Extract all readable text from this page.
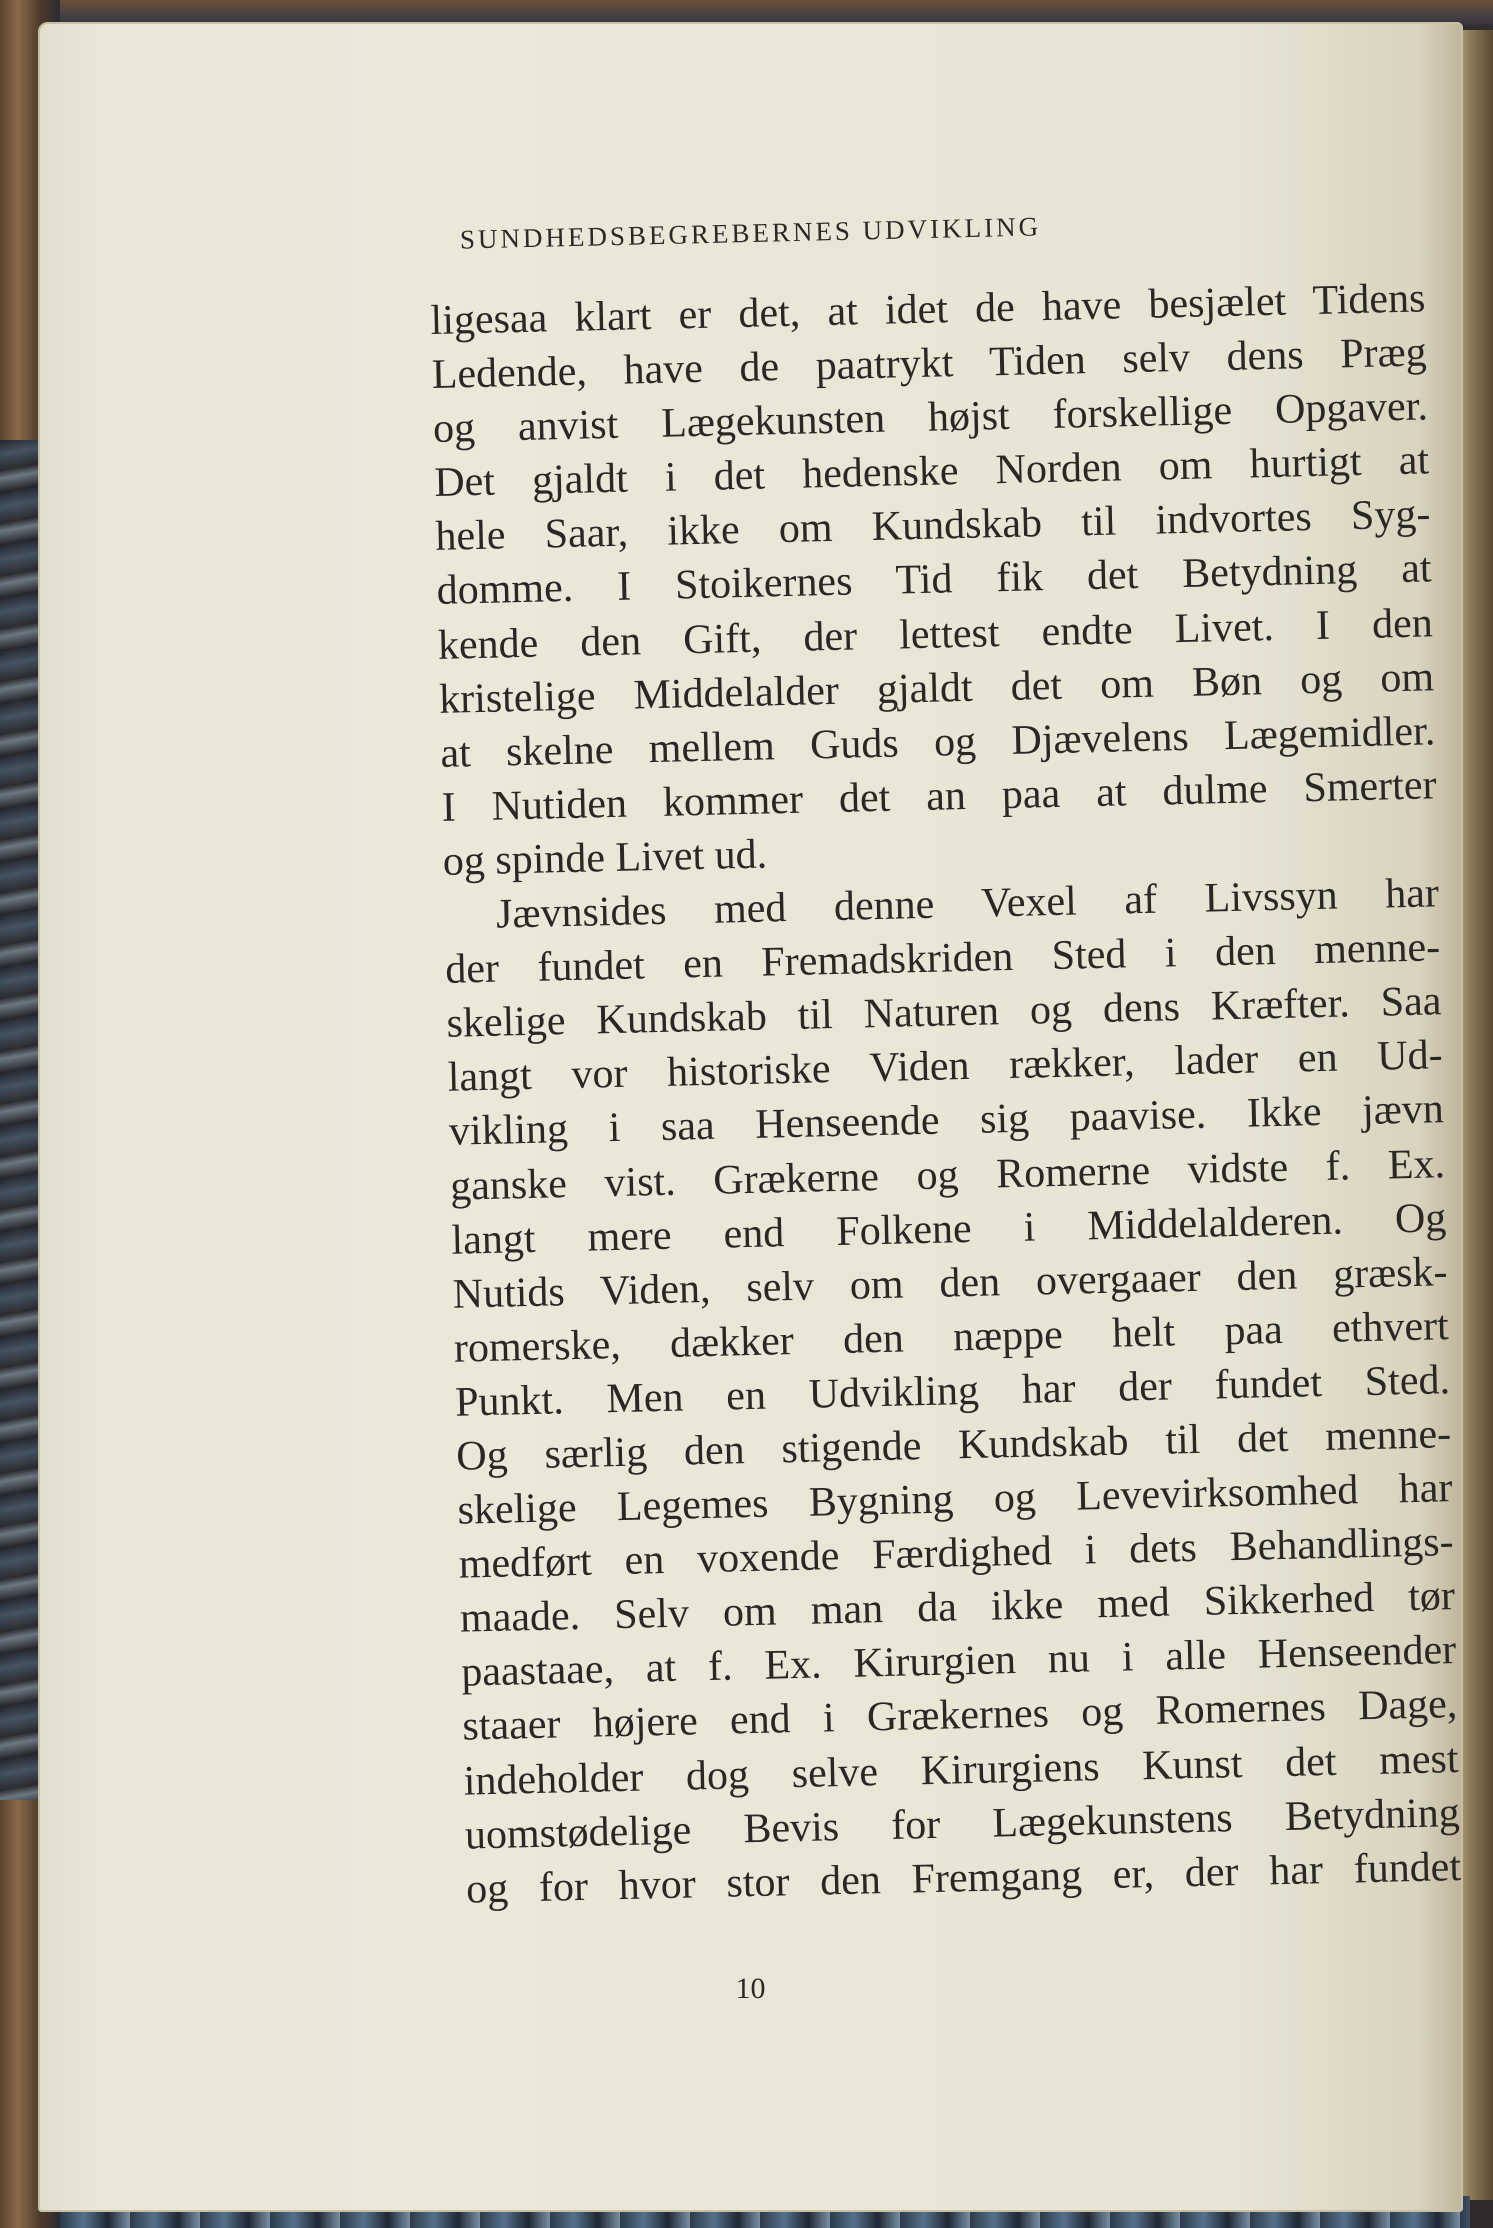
SUNDHEDSBEGREBERNES UDVIKLING
ligesaa klart er det, at idet de have besjælet Tidens
Ledende, have de paatrykt Tiden selv dens Præg
og anvist Lægekunsten højst forskellige Opgaver.
Det gjaldt i det hedenske Norden om hurtigt at
hele Saar, ikke om Kundskab til indvortes Syg-
domme. I Stoikernes Tid fik det Betydning at
kende den Gift, der lettest endte Livet. I den
kristelige Middelalder gjaldt det om Bøn og om
at skelne mellem Guds og Djævelens Lægemidler.
I Nutiden kommer det an paa at dulme Smerter
og spinde Livet ud.
Jævnsides med denne Vexel af Livssyn har
der fundet en Fremadskriden Sted i den menne-
skelige Kundskab til Naturen og dens Kræfter. Saa
langt vor historiske Viden rækker, lader en Ud-
vikling i saa Henseende sig paavise. Ikke jævn
ganske vist. Grækerne og Romerne vidste f. Ex.
langt mere end Folkene i Middelalderen. Og
Nutids Viden, selv om den overgaaer den græsk-
romerske, dækker den næppe helt paa ethvert
Punkt. Men en Udvikling har der fundet Sted.
Og særlig den stigende Kundskab til det menne-
skelige Legemes Bygning og Levevirksomhed har
medført en voxende Færdighed i dets Behandlings-
maade. Selv om man da ikke med Sikkerhed tør
paastaae, at f. Ex. Kirurgien nu i alle Henseender
staaer højere end i Grækernes og Romernes Dage,
indeholder dog selve Kirurgiens Kunst det mest
uomstødelige Bevis for Lægekunstens Betydning
og for hvor stor den Fremgang er, der har fundet
10
